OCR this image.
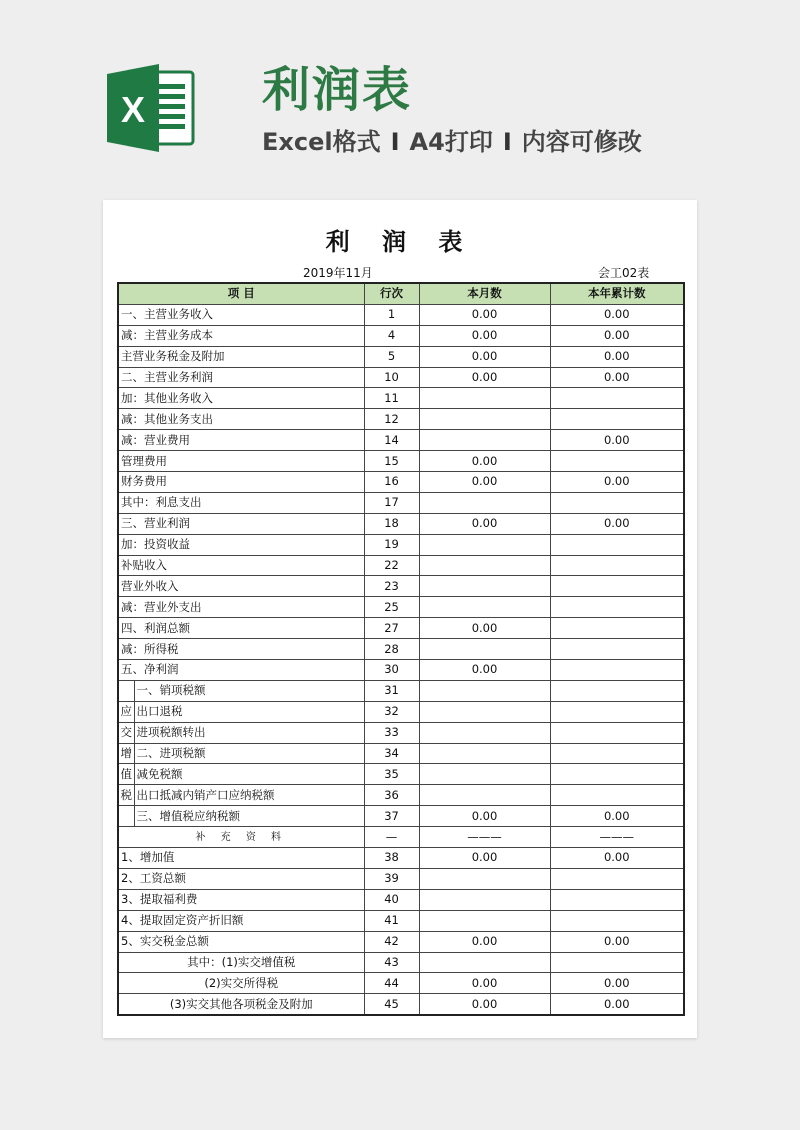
X 利润表
Excel格式 I A4打印 I 内容可修改
利 润 表
2019年11月	会工02表
项 目		行次	本月数	本年累计数
一、主营业务收入		1	0.00	0.00
减：主营业务成本		4	0.00	0.00
主营业务税金及附加		5	0.00	0.00
二、主营业务利润		10	0.00	0.00
加：其他业务收入		11		
减：其他业务支出		12		
减：营业费用		14		0.00
管理费用		15	0.00	
财务费用		16	0.00	0.00
其中：利息支出		17		
三、营业利润		18	0.00	0.00
加：投资收益		19		
补贴收入		22		
营业外收入		23		
减：营业外支出		25		
四、利润总额		27	0.00	
减：所得税		28		
五、净利润		30	0.00	
	一、销项税额	31		
应	出口退税	32		
交	进项税额转出	33		
增	二、进项税额	34		
值	减免税额	35		
税	出口抵减内销产口应纳税额	36		
	三、增值税应纳税额	37	0.00	0.00
补 充 资 料		—	———	———
1、增加值		38	0.00	0.00
2、工资总额		39		
3、提取福利费		40		
4、提取固定资产折旧额		41		
5、实交税金总额		42	0.00	0.00
其中：(1)实交增值税		43		
(2)实交所得税		44	0.00	0.00
(3)实交其他各项税金及附加		45	0.00	0.00
